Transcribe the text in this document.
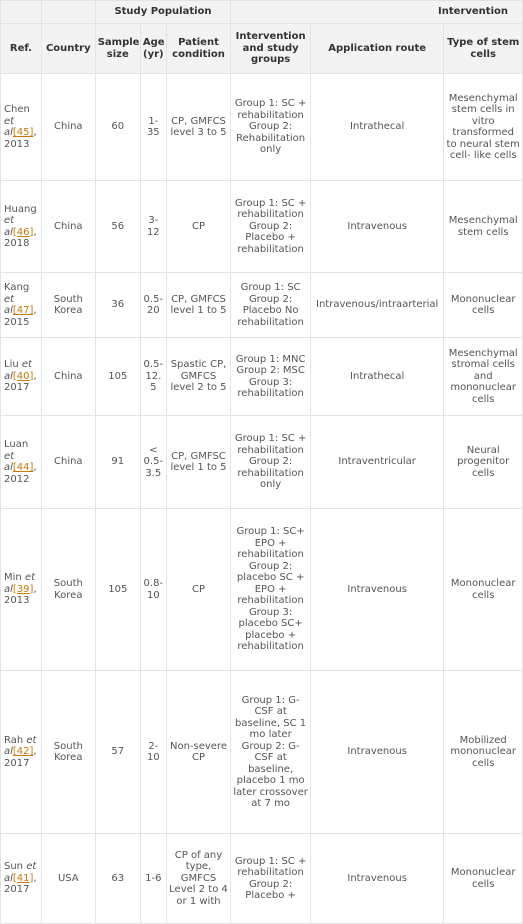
		Study Population			Intervention		
Ref.	Country	Sample size	Age (yr)	Patient condition	Intervention and study groups	Application route	Type of stem cells
Chen et al[45], 2013	China	60	1-35	CP, GMFCS level 3 to 5	Group 1: SC + rehabilitation Group 2: Rehabilitation only	Intrathecal	Mesenchymal stem cells in vitro transformed to neural stem cell- like cells
Huang et al[46], 2018	China	56	3-12	CP	Group 1: SC + rehabilitation Group 2: Placebo + rehabilitation	Intravenous	Mesenchymal stem cells
Kang et al[47], 2015	South Korea	36	0.5-20	CP, GMFCS level 1 to 5	Group 1: SC Group 2: Placebo No rehabilitation	Intravenous/intraarterial	Mononuclear cells
Liu et al[40], 2017	China	105	0.5-12.5	Spastic CP, GMFCS level 2 to 5	Group 1: MNC Group 2: MSC Group 3: rehabilitation	Intrathecal	Mesenchymal stromal cells and mononuclear cells
Luan et al[44], 2012	China	91	< 0.5-3.5	CP, GMFSC level 1 to 5	Group 1: SC + rehabilitation Group 2: rehabilitation only	Intraventricular	Neural progenitor cells
Min et al[39], 2013	South Korea	105	0.8-10	CP	Group 1: SC+ EPO + rehabilitation Group 2: placebo SC + EPO + rehabilitation Group 3: placebo SC+ placebo + rehabilitation	Intravenous	Mononuclear cells
Rah et al[42], 2017	South Korea	57	2-10	Non-severe CP	Group 1: G-CSF at baseline, SC 1 mo later Group 2: G-CSF at baseline, placebo 1 mo later crossover at 7 mo	Intravenous	Mobilized mononuclear cells
Sun et al[41], 2017	USA	63	1-6	CP of any type, GMFCS Level 2 to 4 or 1 with	Group 1: SC + rehabilitation Group 2: Placebo +	Intravenous	Mononuclear cells
